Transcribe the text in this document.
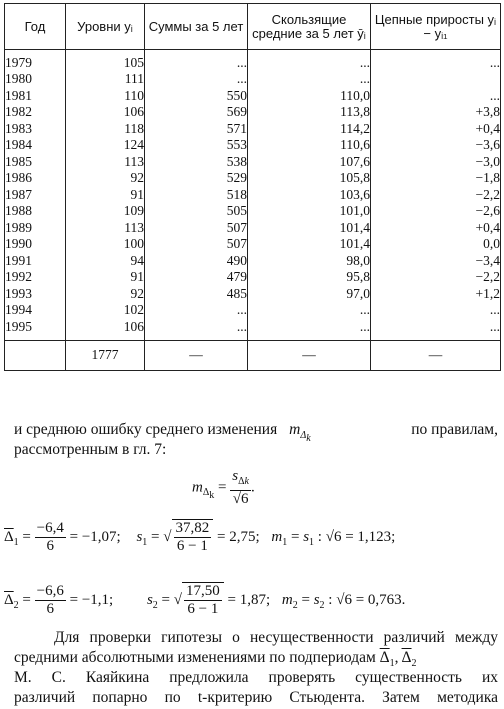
Год	Уровни yᵢ	Суммы за 5 лет	Скользящие средние за 5 лет ȳᵢ	Цепные приросты yᵢ − yᵢ₁
1979	105	...	...	...
1980	111	...	...	
1981	110	550	110,0	...
1982	106	569	113,8	+3,8
1983	118	571	114,2	+0,4
1984	124	553	110,6	−3,6
1985	113	538	107,6	−3,0
1986	92	529	105,8	−1,8
1987	91	518	103,6	−2,2
1988	109	505	101,0	−2,6
1989	113	507	101,4	+0,4
1990	100	507	101,4	0,0
1991	94	490	98,0	−3,4
1992	91	479	95,8	−2,2
1993	92	485	97,0	+1,2
1994	102	...	...	...
1995	106	...	...	...
	1777	—	—	—
и среднюю ошибку среднего изменения $m_{\Delta_k}$
по правилам,
рассмотренным в гл. 7:
$m_{\Delta_k} = \frac{s_{\Delta k}}{√6}$ .
$\overline{\Delta}_1 = \frac{-6,4}{6} = -1,07$; $s_1$ = √ $\frac{37,82}{6 - 1} = 2,75$; $m_1 = s_1$ : √6 = 1,123;
$\overline{\Delta}_2 = \frac{-6,6}{6} = -1,1$; $s_2$ = √ $\frac{17,50}{6 - 1} = 1,87$; $m_2 = s_2$ : √6 = 0,763.
Для проверки гипотезы о несущественности различий между
средними абсолютными изменениями по подпериодам $\overline{\Delta}_1$, $\overline{\Delta}_2$
М. С. Каяйкина предложила проверять существенность их
различий попарно по t-критерию Стьюдента. Затем методика
